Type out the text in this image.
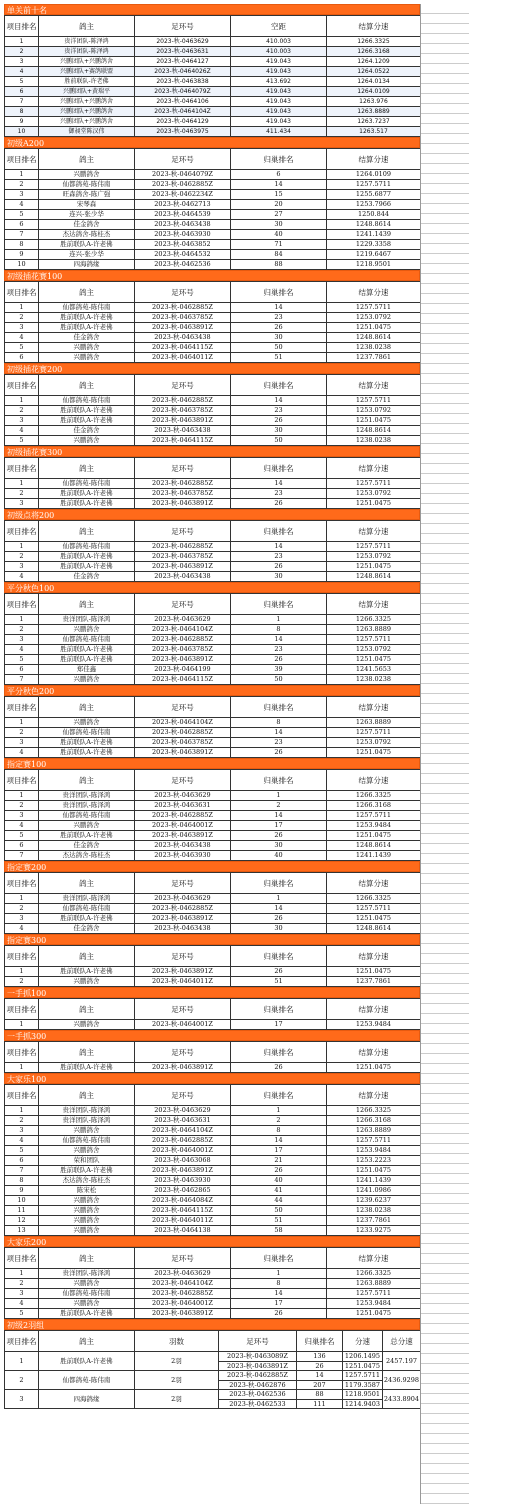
单关前十名
项目排名	鸽主	足环号	空距	结算分速
1	贵洋团队-陈泽鸿	2023-秋-0463629	410.003	1266.3325
2	贵洋团队-陈泽鸿	2023-秋-0463631	410.003	1266.3168
3	兴鹏团队+兴鹏鸽舍	2023-秋-0464127	419.043	1264.1209
4	兴鹏团队+赛鸽联盟	2023-秋-0464026Z	419.043	1264.0522
5	胜前联队-许老佛	2023-秋-0463838	413.692	1264.0134
6	兴鹏团队+黄瑞平	2023-秋-0464079Z	419.043	1264.0109
7	兴鹏团队+兴鹏鸽舍	2023-秋-0464106	419.043	1263.976
8	兴鹏团队+兴鹏鸽舍	2023-秋-0464104Z	419.043	1263.8889
9	兴鹏团队+兴鹏鸽舍	2023-秋-0464129	419.043	1263.7237
10	御昶堂陈汉伟	2023-秋-0463975	411.434	1263.517
初级A200
项目排名	鸽主	足环号	归巢排名	结算分速
1	兴鹏鸽舍	2023-秋-0464079Z	6	1264.0109
2	仙都鸽苑-陈伟南	2023-秋-0462885Z	14	1257.5711
3	旺森鸽舍-陈广强	2023-秋-0462234Z	15	1255.6877
4	宋琴森	2023-秋-0462713	20	1253.7966
5	连兴-张少华	2023-秋-0464539	27	1250.844
6	佳金鸽舍	2023-秋-0463438	30	1248.8614
7	杰达鸽舍-陈桂杰	2023-秋-0463930	40	1241.1439
8	胜前联队A-许老佛	2023-秋-0463852	71	1229.3358
9	连兴-张少华	2023-秋-0464532	84	1219.6467
10	四海鸽缘	2023-秋-0462536	88	1218.9501
初级插花赛100
项目排名	鸽主	足环号	归巢排名	结算分速
1	仙都鸽苑-陈伟南	2023-秋-0462885Z	14	1257.5711
2	胜前联队A-许老佛	2023-秋-0463785Z	23	1253.0792
3	胜前联队A-许老佛	2023-秋-0463891Z	26	1251.0475
4	佳金鸽舍	2023-秋-0463438	30	1248.8614
5	兴鹏鸽舍	2023-秋-0464115Z	50	1238.0238
6	兴鹏鸽舍	2023-秋-0464011Z	51	1237.7861
初级插花赛200
项目排名	鸽主	足环号	归巢排名	结算分速
1	仙都鸽苑-陈伟南	2023-秋-0462885Z	14	1257.5711
2	胜前联队A-许老佛	2023-秋-0463785Z	23	1253.0792
3	胜前联队A-许老佛	2023-秋-0463891Z	26	1251.0475
4	佳金鸽舍	2023-秋-0463438	30	1248.8614
5	兴鹏鸽舍	2023-秋-0464115Z	50	1238.0238
初级插花赛300
项目排名	鸽主	足环号	归巢排名	结算分速
1	仙都鸽苑-陈伟南	2023-秋-0462885Z	14	1257.5711
2	胜前联队A-许老佛	2023-秋-0463785Z	23	1253.0792
3	胜前联队A-许老佛	2023-秋-0463891Z	26	1251.0475
初级点将200
项目排名	鸽主	足环号	归巢排名	结算分速
1	仙都鸽苑-陈伟南	2023-秋-0462885Z	14	1257.5711
2	胜前联队A-许老佛	2023-秋-0463785Z	23	1253.0792
3	胜前联队A-许老佛	2023-秋-0463891Z	26	1251.0475
4	佳金鸽舍	2023-秋-0463438	30	1248.8614
平分秋色100
项目排名	鸽主	足环号	归巢排名	结算分速
1	贵洋团队-陈泽鸿	2023-秋-0463629	1	1266.3325
2	兴鹏鸽舍	2023-秋-0464104Z	8	1263.8889
3	仙都鸽苑-陈伟南	2023-秋-0462885Z	14	1257.5711
4	胜前联队A-许老佛	2023-秋-0463785Z	23	1253.0792
5	胜前联队A-许老佛	2023-秋-0463891Z	26	1251.0475
6	郑佳鑫	2023-秋-0464199	39	1241.5653
7	兴鹏鸽舍	2023-秋-0464115Z	50	1238.0238
平分秋色200
项目排名	鸽主	足环号	归巢排名	结算分速
1	兴鹏鸽舍	2023-秋-0464104Z	8	1263.8889
2	仙都鸽苑-陈伟南	2023-秋-0462885Z	14	1257.5711
3	胜前联队A-许老佛	2023-秋-0463785Z	23	1253.0792
4	胜前联队A-许老佛	2023-秋-0463891Z	26	1251.0475
指定赛100
项目排名	鸽主	足环号	归巢排名	结算分速
1	贵洋团队-陈泽鸿	2023-秋-0463629	1	1266.3325
2	贵洋团队-陈泽鸿	2023-秋-0463631	2	1266.3168
3	仙都鸽苑-陈伟南	2023-秋-0462885Z	14	1257.5711
4	兴鹏鸽舍	2023-秋-0464001Z	17	1253.9484
5	胜前联队A-许老佛	2023-秋-0463891Z	26	1251.0475
6	佳金鸽舍	2023-秋-0463438	30	1248.8614
7	杰达鸽舍-陈桂杰	2023-秋-0463930	40	1241.1439
指定赛200
项目排名	鸽主	足环号	归巢排名	结算分速
1	贵洋团队-陈泽鸿	2023-秋-0463629	1	1266.3325
2	仙都鸽苑-陈伟南	2023-秋-0462885Z	14	1257.5711
3	胜前联队A-许老佛	2023-秋-0463891Z	26	1251.0475
4	佳金鸽舍	2023-秋-0463438	30	1248.8614
指定赛300
项目排名	鸽主	足环号	归巢排名	结算分速
1	胜前联队A-许老佛	2023-秋-0463891Z	26	1251.0475
2	兴鹏鸽舍	2023-秋-0464011Z	51	1237.7861
一手抓100
项目排名	鸽主	足环号	归巢排名	结算分速
1	兴鹏鸽舍	2023-秋-0464001Z	17	1253.9484
一手抓300
项目排名	鸽主	足环号	归巢排名	结算分速
1	胜前联队A-许老佛	2023-秋-0463891Z	26	1251.0475
大家乐100
项目排名	鸽主	足环号	归巢排名	结算分速
1	贵洋团队-陈泽鸿	2023-秋-0463629	1	1266.3325
2	贵洋团队-陈泽鸿	2023-秋-0463631	2	1266.3168
3	兴鹏鸽舍	2023-秋-0464104Z	8	1263.8889
4	仙都鸽苑-陈伟南	2023-秋-0462885Z	14	1257.5711
5	兴鹏鸽舍	2023-秋-0464001Z	17	1253.9484
6	荣和团队	2023-秋-0463068	21	1253.2223
7	胜前联队A-许老佛	2023-秋-0463891Z	26	1251.0475
8	杰达鸽舍-陈桂杰	2023-秋-0463930	40	1241.1439
9	陈宋松	2023-秋-0462865	41	1241.0986
10	兴鹏鸽舍	2023-秋-0464084Z	44	1239.6237
11	兴鹏鸽舍	2023-秋-0464115Z	50	1238.0238
12	兴鹏鸽舍	2023-秋-0464011Z	51	1237.7861
13	兴鹏鸽舍	2023-秋-0464138	58	1233.9275
大家乐200
项目排名	鸽主	足环号	归巢排名	结算分速
1	贵洋团队-陈泽鸿	2023-秋-0463629	1	1266.3325
2	兴鹏鸽舍	2023-秋-0464104Z	8	1263.8889
3	仙都鸽苑-陈伟南	2023-秋-0462885Z	14	1257.5711
4	兴鹏鸽舍	2023-秋-0464001Z	17	1253.9484
5	胜前联队A-许老佛	2023-秋-0463891Z	26	1251.0475
初级2羽组
项目排名	鸽主	羽数	足环号	归巢排名	分速	总分速
1	胜前联队A-许老佛	2羽	2023-秋-0463089Z	136	1206.1495	2457.197
			2023-秋-0463891Z	26	1251.0475	
2	仙都鸽苑-陈伟南	2羽	2023-秋-0462885Z	14	1257.5711	2436.9298
			2023-秋-0462876	207	1179.3587	
3	四海鸽缘	2羽	2023-秋-0462536	88	1218.9501	2433.8904
			2023-秋-0462533	111	1214.9403	
